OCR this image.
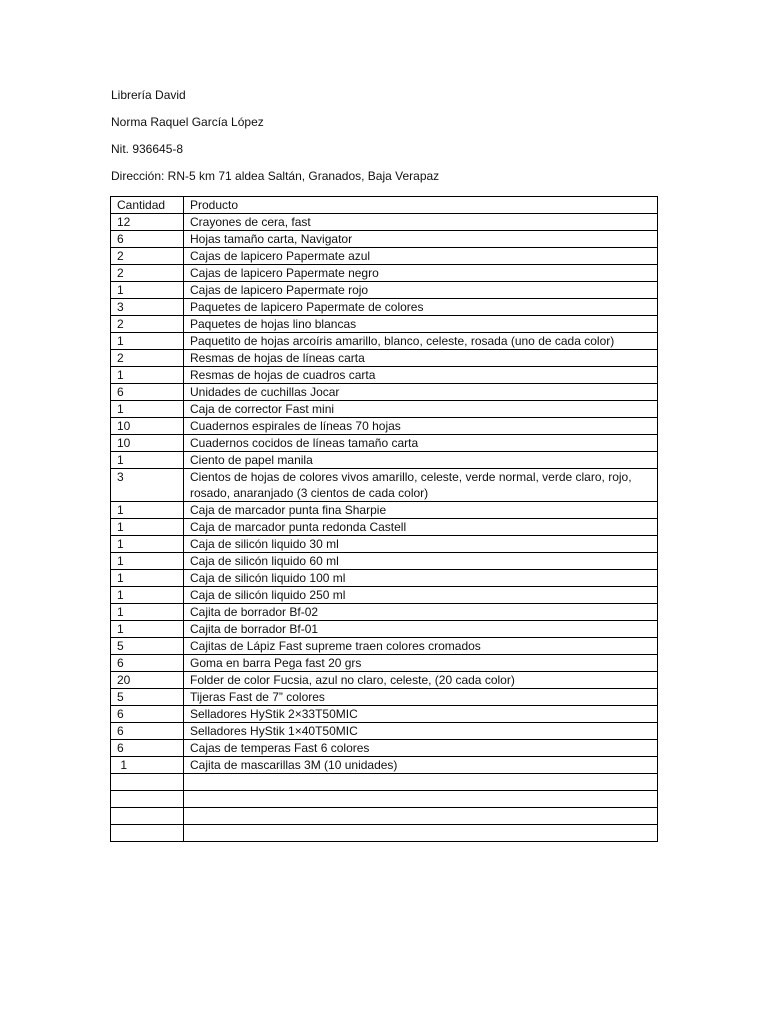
Librería David

Norma Raquel García López

Nit. 936645-8

Dirección: RN-5 km 71 aldea Saltán, Granados, Baja Verapaz

Cantidad	Producto
12	Crayones de cera, fast
6	Hojas tamaño carta, Navigator
2	Cajas de lapicero Papermate azul
2	Cajas de lapicero Papermate negro
1	Cajas de lapicero Papermate rojo
3	Paquetes de lapicero Papermate de colores
2	Paquetes de hojas lino blancas
1	Paquetito de hojas arcoíris amarillo, blanco, celeste, rosada (uno de cada color)
2	Resmas de hojas de líneas carta
1	Resmas de hojas de cuadros carta
6	Unidades de cuchillas Jocar
1	Caja de corrector Fast mini
10	Cuadernos espirales de líneas 70 hojas
10	Cuadernos cocidos de líneas tamaño carta
1	Ciento de papel manila
3	Cientos de hojas de colores vivos amarillo, celeste, verde normal, verde claro, rojo, rosado, anaranjado (3 cientos de cada color)
1	Caja de marcador punta fina Sharpie
1	Caja de marcador punta redonda Castell
1	Caja de silicón liquido 30 ml
1	Caja de silicón liquido 60 ml
1	Caja de silicón liquido 100 ml
1	Caja de silicón liquido 250 ml
1	Cajita de borrador Bf-02
1	Cajita de borrador Bf-01
5	Cajitas de Lápiz Fast supreme traen colores cromados
6	Goma en barra Pega fast 20 grs
20	Folder de color Fucsia, azul no claro, celeste, (20 cada color)
5	Tijeras Fast de 7” colores
6	Selladores HyStik 2×33T50MIC
6	Selladores HyStik 1×40T50MIC
6	Cajas de temperas Fast 6 colores
1	Cajita de mascarillas 3M (10 unidades)
